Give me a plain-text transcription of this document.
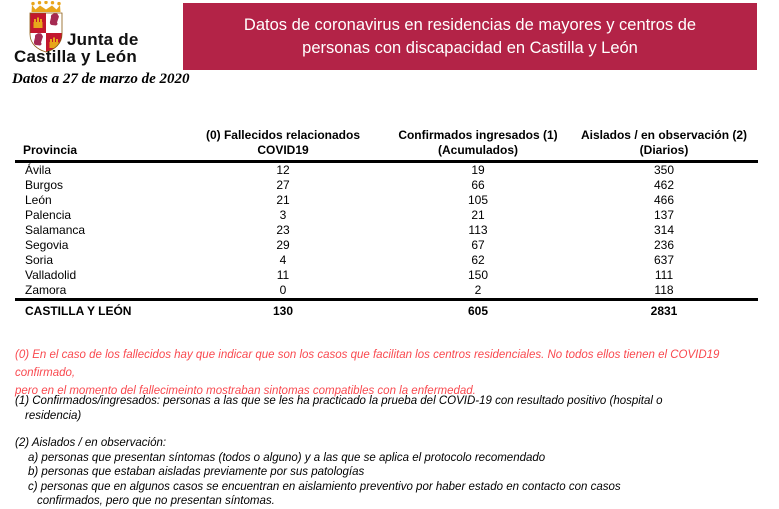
Junta de
Castilla y León
Datos de coronavirus en residencias de mayores y centros de
personas con discapacidad en Castilla y León
Datos a 27 de marzo de 2020
Provincia

(0) Fallecidos relacionados
COVID19

Confirmados ingresados (1)
(Acumulados)

Aislados / en observación (2)
(Diarios)

Ávila	12	19	350
Burgos	27	66	462
León	21	105	466
Palencia	3	21	137
Salamanca	23	113	314
Segovia	29	67	236
Soria	4	62	637
Valladolid	11	150	111
Zamora	0	2	118
CASTILLA Y LEÓN	130	605	2831
(0) En el caso de los fallecidos hay que indicar que son los casos que facilitan los centros residenciales. No todos ellos tienen el COVID19 confirmado,
pero en el momento del fallecimeinto mostraban sintomas compatibles con la enfermedad.
(1) Confirmados/ingresados: personas a las que se les ha practicado la prueba del COVID-19 con resultado positivo (hospital o
residencia)
(2) Aislados / en observación:
a) personas que presentan síntomas (todos o alguno) y a las que se aplica el protocolo recomendado
b) personas que estaban aisladas previamente por sus patologías
c) personas que en algunos casos se encuentran en aislamiento preventivo por haber estado en contacto con casos
confirmados, pero que no presentan síntomas.
